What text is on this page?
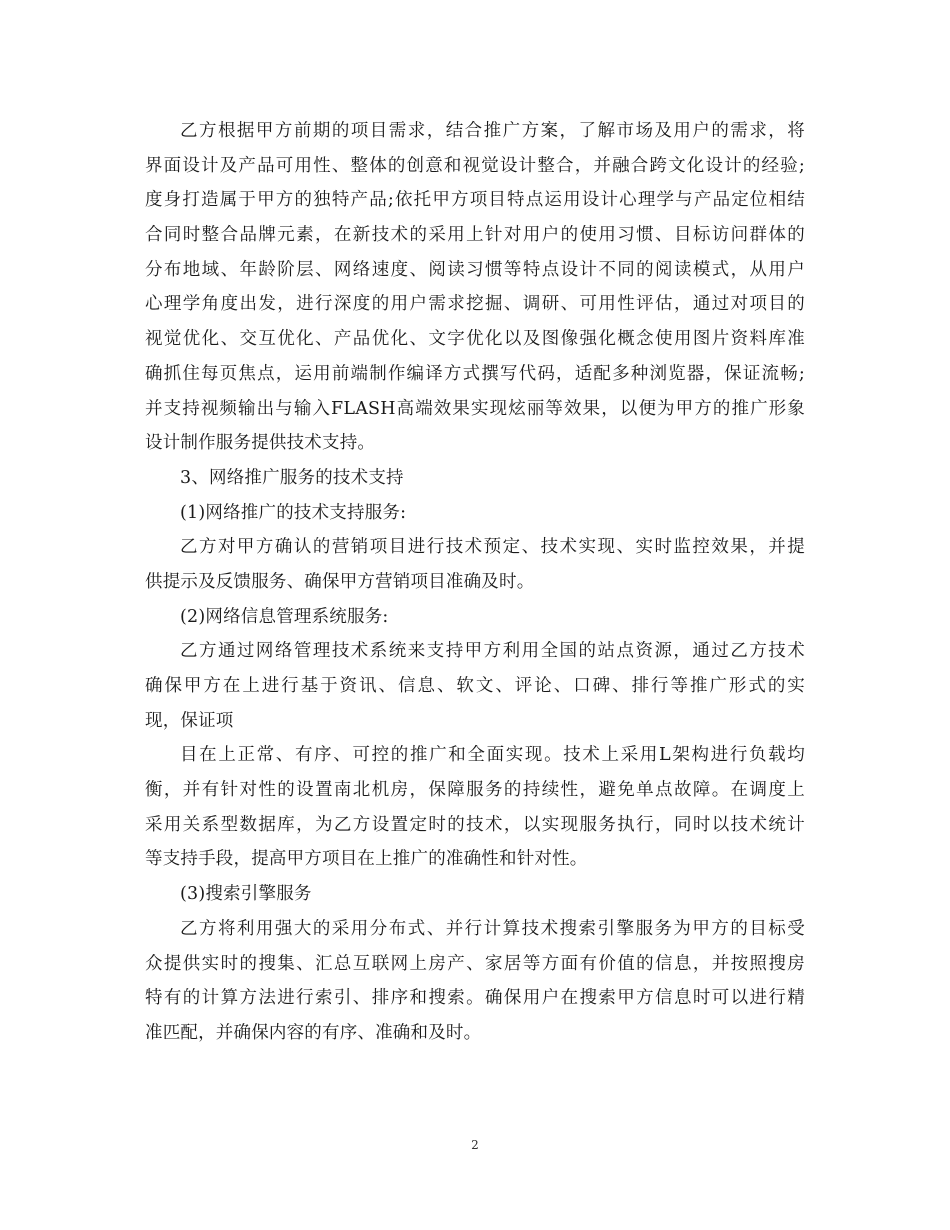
乙方根据甲方前期的项目需求，结合推广方案，了解市场及用户的需求，将
界面设计及产品可用性、整体的创意和视觉设计整合，并融合跨文化设计的经验;
度身打造属于甲方的独特产品;依托甲方项目特点运用设计心理学与产品定位相结
合同时整合品牌元素，在新技术的采用上针对用户的使用习惯、目标访问群体的
分布地域、年龄阶层、网络速度、阅读习惯等特点设计不同的阅读模式，从用户
心理学角度出发，进行深度的用户需求挖掘、调研、可用性评估，通过对项目的
视觉优化、交互优化、产品优化、文字优化以及图像强化概念使用图片资料库准
确抓住每页焦点，运用前端制作编译方式撰写代码，适配多种浏览器，保证流畅;
并支持视频输出与输入FLASH高端效果实现炫丽等效果，以便为甲方的推广形象
设计制作服务提供技术支持。
3、网络推广服务的技术支持
(1)网络推广的技术支持服务:
乙方对甲方确认的营销项目进行技术预定、技术实现、实时监控效果，并提
供提示及反馈服务、确保甲方营销项目准确及时。
(2)网络信息管理系统服务:
乙方通过网络管理技术系统来支持甲方利用全国的站点资源，通过乙方技术
确保甲方在上进行基于资讯、信息、软文、评论、口碑、排行等推广形式的实
现，保证项
目在上正常、有序、可控的推广和全面实现。技术上采用L架构进行负载均
衡，并有针对性的设置南北机房，保障服务的持续性，避免单点故障。在调度上
采用关系型数据库，为乙方设置定时的技术，以实现服务执行，同时以技术统计
等支持手段，提高甲方项目在上推广的准确性和针对性。
(3)搜索引擎服务
乙方将利用强大的采用分布式、并行计算技术搜索引擎服务为甲方的目标受
众提供实时的搜集、汇总互联网上房产、家居等方面有价值的信息，并按照搜房
特有的计算方法进行索引、排序和搜索。确保用户在搜索甲方信息时可以进行精
准匹配，并确保内容的有序、准确和及时。
2
